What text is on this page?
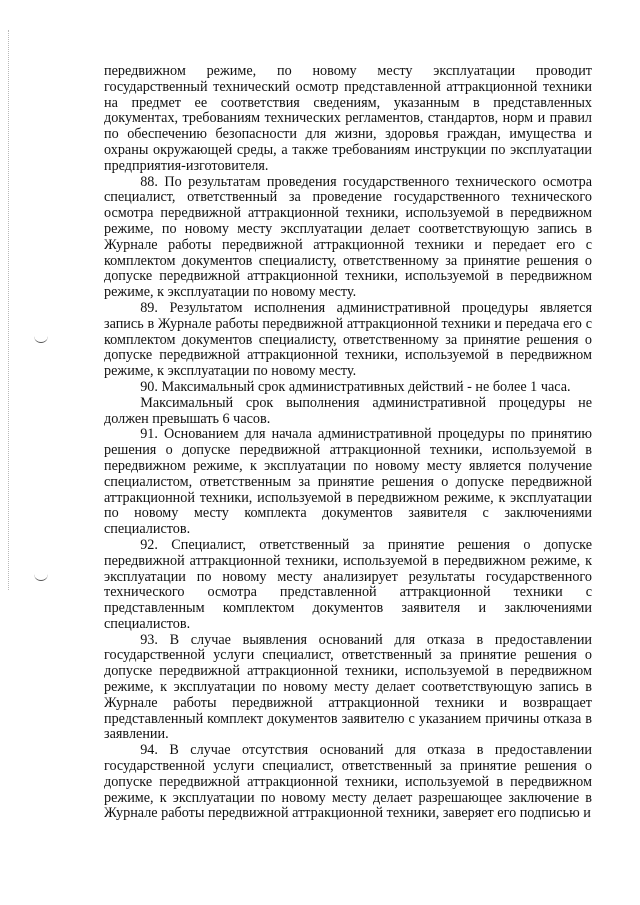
передвижном режиме, по новому месту эксплуатации проводит государственный технический осмотр представленной аттракционной техники на предмет ее соответствия сведениям, указанным в представленных документах, требованиям технических регламентов, стандартов, норм и правил по обеспечению безопасности для жизни, здоровья граждан, имущества и охраны окружающей среды, а также требованиям инструкции по эксплуатации предприятия-изготовителя.

88. По результатам проведения государственного технического осмотра специалист, ответственный за проведение государственного технического осмотра передвижной аттракционной техники, используемой в передвижном режиме, по новому месту эксплуатации делает соответствующую запись в Журнале работы передвижной аттракционной техники и передает его с комплектом документов специалисту, ответственному за принятие решения о допуске передвижной аттракционной техники, используемой в передвижном режиме, к эксплуатации по новому месту.

89. Результатом исполнения административной процедуры является запись в Журнале работы передвижной аттракционной техники и передача его с комплектом документов специалисту, ответственному за принятие решения о допуске передвижной аттракционной техники, используемой в передвижном режиме, к эксплуатации по новому месту.

90. Максимальный срок административных действий - не более 1 часа.

Максимальный срок выполнения административной процедуры не должен превышать 6 часов.

91. Основанием для начала административной процедуры по принятию решения о допуске передвижной аттракционной техники, используемой в передвижном режиме, к эксплуатации по новому месту является получение специалистом, ответственным за принятие решения о допуске передвижной аттракционной техники, используемой в передвижном режиме, к эксплуатации по новому месту комплекта документов заявителя с заключениями специалистов.

92. Специалист, ответственный за принятие решения о допуске передвижной аттракционной техники, используемой в передвижном режиме, к эксплуатации по новому месту анализирует результаты государственного технического осмотра представленной аттракционной техники с представленным комплектом документов заявителя и заключениями специалистов.

93. В случае выявления оснований для отказа в предоставлении государственной услуги специалист, ответственный за принятие решения о допуске передвижной аттракционной техники, используемой в передвижном режиме, к эксплуатации по новому месту делает соответствующую запись в Журнале работы передвижной аттракционной техники и возвращает представленный комплект документов заявителю с указанием причины отказа в заявлении.

94. В случае отсутствия оснований для отказа в предоставлении государственной услуги специалист, ответственный за принятие решения о допуске передвижной аттракционной техники, используемой в передвижном режиме, к эксплуатации по новому месту делает разрешающее заключение в Журнале работы передвижной аттракционной техники, заверяет его подписью и
